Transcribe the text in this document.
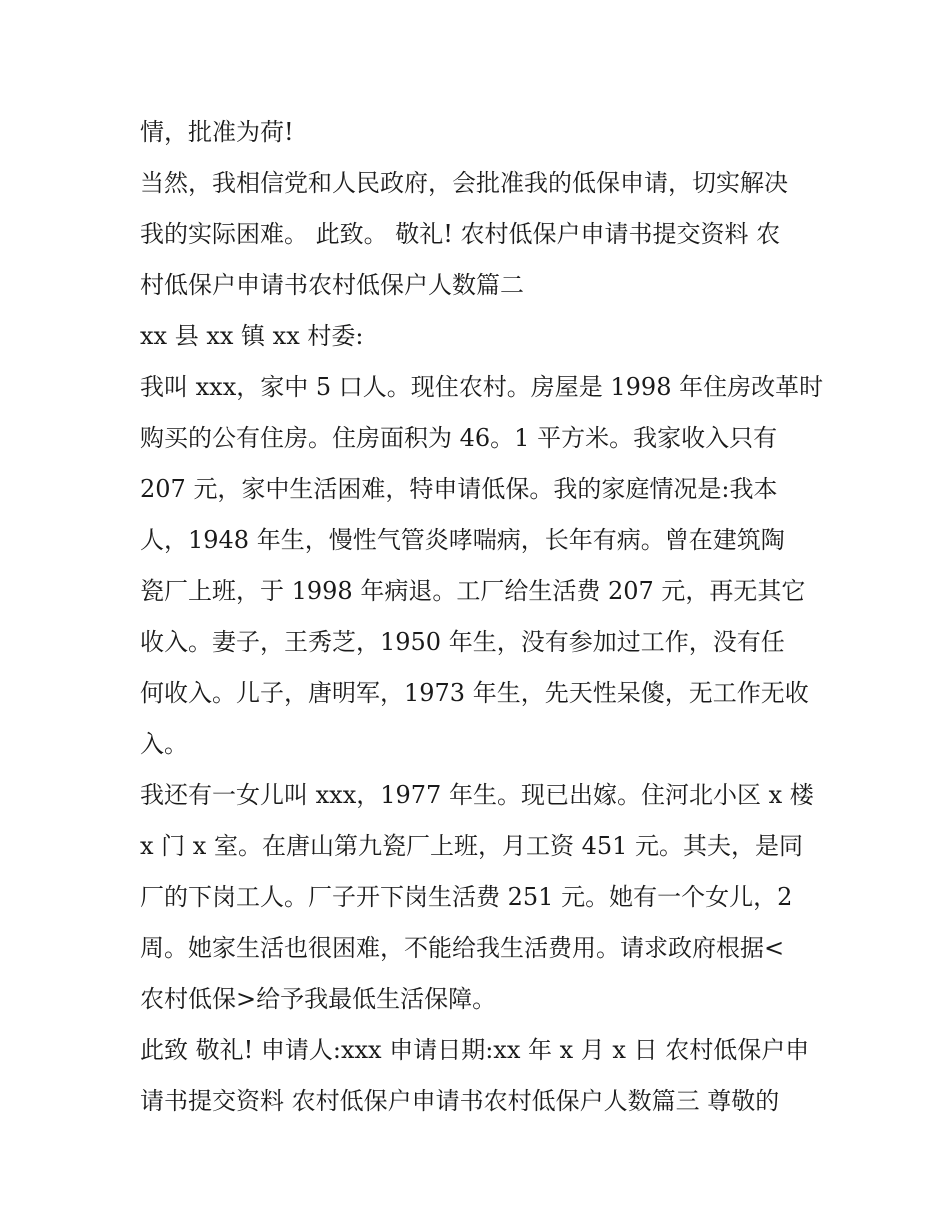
情，批准为荷!
当然，我相信党和人民政府，会批准我的低保申请，切实解决
我的实际困难。 此致。 敬礼! 农村低保户申请书提交资料 农
村低保户申请书农村低保户人数篇二
xx 县 xx 镇 xx 村委:
我叫 xxx，家中 5 口人。现住农村。房屋是 1998 年住房改革时
购买的公有住房。住房面积为 46。1 平方米。我家收入只有
207 元，家中生活困难，特申请低保。我的家庭情况是:我本
人，1948 年生，慢性气管炎哮喘病，长年有病。曾在建筑陶
瓷厂上班，于 1998 年病退。工厂给生活费 207 元，再无其它
收入。妻子，王秀芝，1950 年生，没有参加过工作，没有任
何收入。儿子，唐明军，1973 年生，先天性呆傻，无工作无收
入。
我还有一女儿叫 xxx，1977 年生。现已出嫁。住河北小区 x 楼
x 门 x 室。在唐山第九瓷厂上班，月工资 451 元。其夫，是同
厂的下岗工人。厂子开下岗生活费 251 元。她有一个女儿，2
周。她家生活也很困难，不能给我生活费用。请求政府根据<
农村低保>给予我最低生活保障。
此致 敬礼! 申请人:xxx 申请日期:xx 年 x 月 x 日 农村低保户申
请书提交资料 农村低保户申请书农村低保户人数篇三 尊敬的
